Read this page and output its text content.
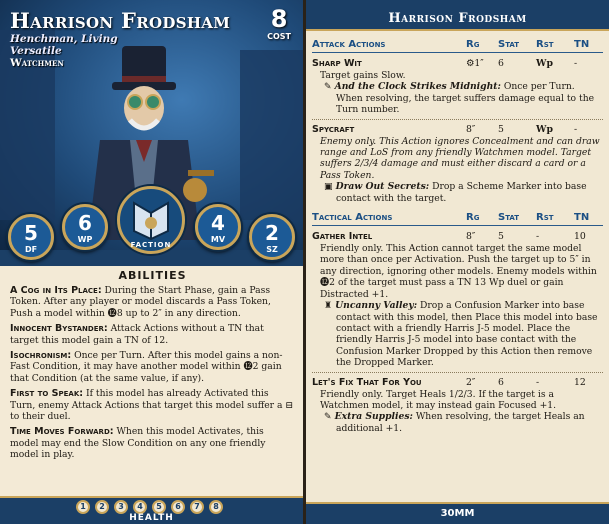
Harrison Frodsham
Henchman, Living
Versatile
Watchmen
8
COST
5
DF
6
WP
FACTION
4
MV	2
SZ
ABILITIES
A Cog in Its Place: During the Start Phase, gain a Pass Token. After any player or model discards a Pass Token, Push a model within ⓬8 up to 2″ in any direction.
Innocent Bystander: Attack Actions without a TN that target this model gain a TN of 12.
Isochronism: Once per Turn. After this model gains a non-Fast Condition, it may have another model within ⓬2 gain that Condition (at the same value, if any).
First to Speak: If this model has already Activated this Turn, enemy Attack Actions that target this model suffer a ⊟ to their duel.
Time Moves Forward: When this model Activates, this model may end the Slow Condition on any one friendly model in play.
1	2	3	4	5	6	7	8
HEALTH
Harrison Frodsham
Attack Actions	Rg Stat Rst TN
Sharp Wit	⚙1″ 6	Wp -
Target gains Slow.
✎ And the Clock Strikes Midnight: Once per Turn. When resolving, the target suffers damage equal to the Turn number.
Spycraft	8″ 5	Wp -
Enemy only. This Action ignores Concealment and can draw range and LoS from any friendly Watchmen model. Target suffers 2/3/4 damage and must either discard a card or a Pass Token.
▣ Draw Out Secrets: Drop a Scheme Marker into base contact with the target.
Tactical Actions	Rg Stat Rst TN
Gather Intel	8″ 5	-	10
Friendly only. This Action cannot target the same model more than once per Activation. Push the target up to 5″ in any direction, ignoring other models. Enemy models within ⓬2 of the target must pass a TN 13 Wp duel or gain Distracted +1.
♜ Uncanny Valley: Drop a Confusion Marker into base contact with this model, then Place this model into base contact with a friendly Harris J-5 model. Place the friendly Harris J-5 model into base contact with the Confusion Marker Dropped by this Action then remove the Dropped Marker.
Let's Fix That For You	2″ 6	-	12
Friendly only. Target Heals 1/2/3. If the target is a Watchmen model, it may instead gain Focused +1.
✎ Extra Supplies: When resolving, the target Heals an additional +1.
30MM
